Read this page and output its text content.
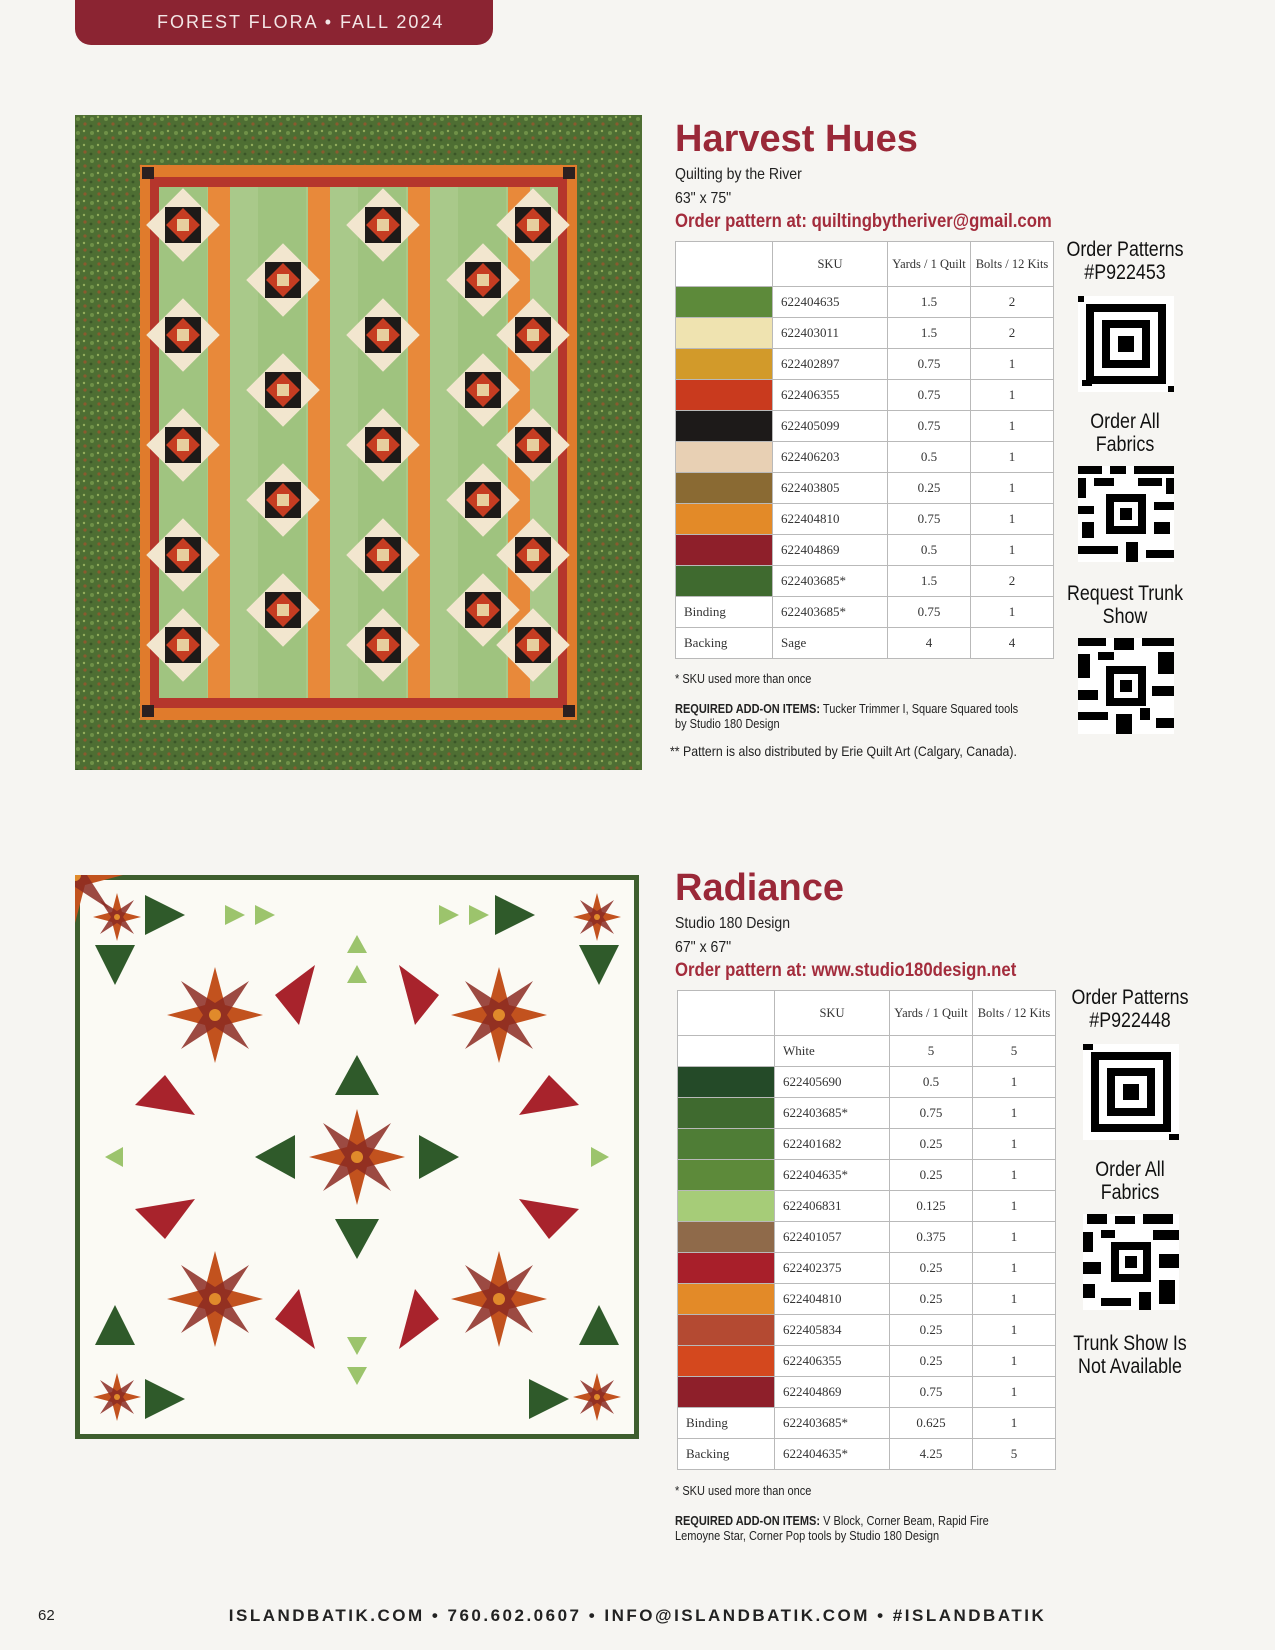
FOREST FLORA • FALL 2024
Harvest Hues
Quilting by the River
63" x 75"
Order pattern at: quiltingbytheriver@gmail.com
	SKU	Yards / 1 Quilt	Bolts / 12 Kits
	622404635	1.5	2
	622403011	1.5	2
	622402897	0.75	1
	622406355	0.75	1
	622405099	0.75	1
	622406203	0.5	1
	622403805	0.25	1
	622404810	0.75	1
	622404869	0.5	1
	622403685*	1.5	2
Binding	622403685*	0.75	1
Backing	Sage	4	4
* SKU used more than once
REQUIRED ADD-ON ITEMS: Tucker Trimmer I, Square Squared tools by Studio 180 Design
** Pattern is also distributed by Erie Quilt Art (Calgary, Canada).
Order Patterns
#P922453
Order All
Fabrics
Request Trunk
Show
Radiance
Studio 180 Design
67" x 67"
Order pattern at: www.studio180design.net
	SKU	Yards / 1 Quilt	Bolts / 12 Kits
	White	5	5
	622405690	0.5	1
	622403685*	0.75	1
	622401682	0.25	1
	622404635*	0.25	1
	622406831	0.125	1
	622401057	0.375	1
	622402375	0.25	1
	622404810	0.25	1
	622405834	0.25	1
	622406355	0.25	1
	622404869	0.75	1
Binding	622403685*	0.625	1
Backing	622404635*	4.25	5
* SKU used more than once
REQUIRED ADD-ON ITEMS: V Block, Corner Beam, Rapid Fire Lemoyne Star, Corner Pop tools by Studio 180 Design
Order Patterns
#P922448
Order All
Fabrics
Trunk Show Is
Not Available
62	ISLANDBATIK.COM • 760.602.0607 • INFO@ISLANDBATIK.COM • #ISLANDBATIK
